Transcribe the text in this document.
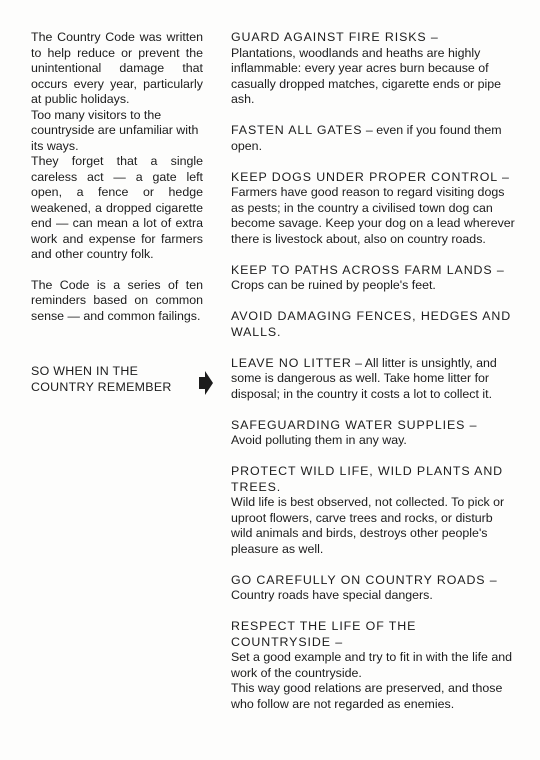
The Country Code was written to help reduce or prevent the unintentional damage that occurs every year, particularly at public holidays.

Too many visitors to the countryside are unfamiliar with its ways.

They forget that a single careless act — a gate left open, a fence or hedge weakened, a dropped cigarette end — can mean a lot of extra work and expense for farmers and other country folk.

The Code is a series of ten reminders based on common sense — and common failings.

SO WHEN IN THE
COUNTRY REMEMBER

GUARD AGAINST FIRE RISKS –
Plantations, woodlands and heaths are highly inflammable: every year acres burn because of casually dropped matches, cigarette ends or pipe ash.

FASTEN ALL GATES – even if you found them open.

KEEP DOGS UNDER PROPER CONTROL –
Farmers have good reason to regard visiting dogs as pests; in the country a civilised town dog can become savage. Keep your dog on a lead wherever there is livestock about, also on country roads.

KEEP TO PATHS ACROSS FARM LANDS –
Crops can be ruined by people's feet.

AVOID DAMAGING FENCES, HEDGES AND WALLS.

LEAVE NO LITTER – All litter is unsightly, and some is dangerous as well. Take home litter for disposal; in the country it costs a lot to collect it.

SAFEGUARDING WATER SUPPLIES –
Avoid polluting them in any way.

PROTECT WILD LIFE, WILD PLANTS AND TREES.
Wild life is best observed, not collected. To pick or uproot flowers, carve trees and rocks, or disturb wild animals and birds, destroys other people's pleasure as well.

GO CAREFULLY ON COUNTRY ROADS –
Country roads have special dangers.

RESPECT THE LIFE OF THE COUNTRYSIDE –
Set a good example and try to fit in with the life and work of the countryside.
This way good relations are preserved, and those who follow are not regarded as enemies.
